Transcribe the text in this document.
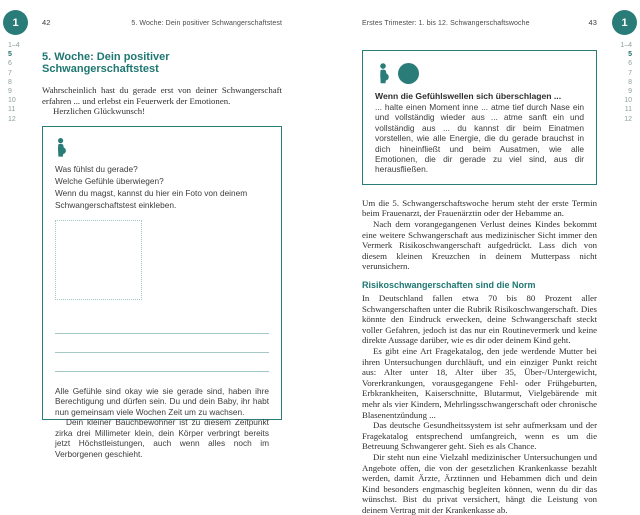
42	5. Woche: Dein positiver Schwangerschaftstest
5. Woche: Dein positiver Schwangerschaftstest

Wahrscheinlich hast du gerade erst von deiner Schwangerschaft erfahren ... und erlebst ein Feuerwerk der Emotionen.

Herzlichen Glückwunsch!

Was fühlst du gerade?
Welche Gefühle überwiegen?
Wenn du magst, kannst du hier ein Foto von deinem Schwangerschaftstest einkleben.

Alle Gefühle sind okay wie sie gerade sind, haben ihre Berechtigung und dürfen sein. Du und dein Baby, ihr habt nun gemeinsam viele Wochen Zeit um zu wachsen.

Dein kleiner Bauchbewohner ist zu diesem Zeitpunkt zirka drei Millimeter klein, dein Körper verbringt bereits jetzt Höchstleistungen, auch wenn alles noch im Verborgenen geschieht.

Erstes Trimester: 1. bis 12. Schwangerschaftswoche	43

Wenn die Gefühlswellen sich überschlagen ...

... halte einen Moment inne ... atme tief durch Nase ein und vollständig wieder aus ... atme sanft ein und vollständig aus ... du kannst dir beim Einatmen vorstellen, wie alle Energie, die du gerade brauchst in dich hineinfließt und beim Ausatmen, wie alle Emotionen, die dir gerade zu viel sind, aus dir herausfließen.

Um die 5. Schwangerschaftswoche herum steht der erste Termin beim Frauenarzt, der Frauenärztin oder der Hebamme an.

Nach dem vorangegangenen Verlust deines Kindes bekommt eine weitere Schwangerschaft aus medizinischer Sicht immer den Vermerk Risikoschwangerschaft aufgedrückt. Lass dich von diesem kleinen Kreuzchen in deinem Mutterpass nicht verunsichern.

Risikoschwangerschaften sind die Norm

In Deutschland fallen etwa 70 bis 80 Prozent aller Schwangerschaften unter die Rubrik Risikoschwangerschaft. Dies könnte den Eindruck erwecken, deine Schwangerschaft steckt voller Gefahren, jedoch ist das nur ein Routinevermerk und keine direkte Aussage darüber, wie es dir oder deinem Kind geht.

Es gibt eine Art Fragekatalog, den jede werdende Mutter bei ihren Untersuchungen durchläuft, und ein einziger Punkt reicht aus: Alter unter 18, Alter über 35, Über-/Untergewicht, Vorerkrankungen, vorausgegangene Fehl- oder Frühgeburten, Erbkrankheiten, Kaiserschnitte, Blutarmut, Vielgebärende mit mehr als vier Kindern, Mehrlingsschwangerschaft oder chronische Blasenentzündung ...

Das deutsche Gesundheitssystem ist sehr aufmerksam und der Fragekatalog entsprechend umfangreich, wenn es um die Betreuung Schwangerer geht. Sieh es als Chance.

Dir steht nun eine Vielzahl medizinischer Untersuchungen und Angebote offen, die von der gesetzlichen Krankenkasse bezahlt werden, damit Ärzte, Ärztinnen und Hebammen dich und dein Kind besonders engmaschig begleiten können, wenn du dir das wünschst. Bist du privat versichert, hängt die Leistung von deinem Vertrag mit der Krankenkasse ab.

1	1
1–4
5
6
7
8
9
10
11
12
1–4
5
6
7
8
9
10
11
12
